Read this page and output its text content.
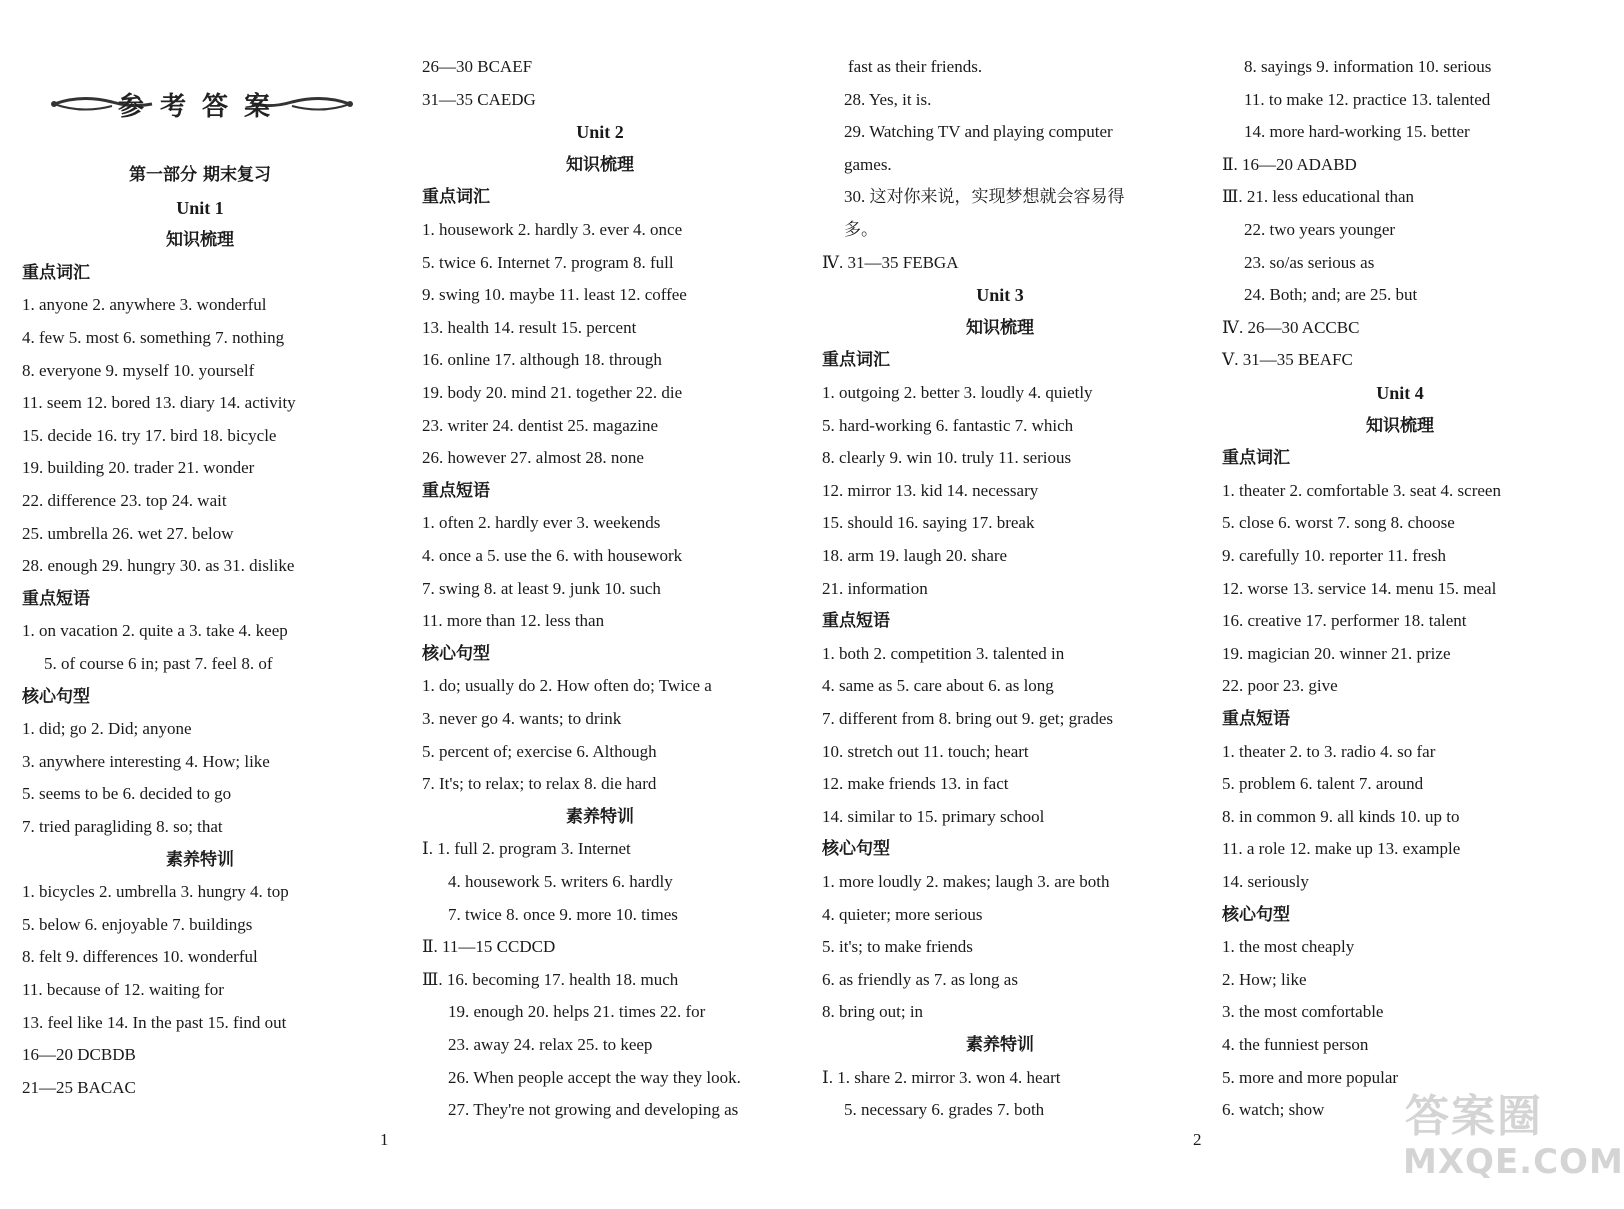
参考答案
第一部分 期末复习
Unit 1
知识梳理
重点词汇
1. anyone 2. anywhere 3. wonderful
4. few 5. most 6. something 7. nothing
8. everyone 9. myself 10. yourself
11. seem 12. bored 13. diary 14. activity
15. decide 16. try 17. bird 18. bicycle
19. building 20. trader 21. wonder
22. difference 23. top 24. wait
25. umbrella 26. wet 27. below
28. enough 29. hungry 30. as 31. dislike
重点短语
1. on vacation 2. quite a 3. take 4. keep
5. of course 6 in; past 7. feel 8. of
核心句型
1. did; go 2. Did; anyone
3. anywhere interesting 4. How; like
5. seems to be 6. decided to go
7. tried paragliding 8. so; that
素养特训
1. bicycles 2. umbrella 3. hungry 4. top
5. below 6. enjoyable 7. buildings
8. felt 9. differences 10. wonderful
11. because of 12. waiting for
13. feel like 14. In the past 15. find out
16—20 DCBDB
21—25 BACAC
26—30 BCAEF
31—35 CAEDG
Unit 2
知识梳理
重点词汇
1. housework 2. hardly 3. ever 4. once
5. twice 6. Internet 7. program 8. full
9. swing 10. maybe 11. least 12. coffee
13. health 14. result 15. percent
16. online 17. although 18. through
19. body 20. mind 21. together 22. die
23. writer 24. dentist 25. magazine
26. however 27. almost 28. none
重点短语
1. often 2. hardly ever 3. weekends
4. once a 5. use the 6. with housework
7. swing 8. at least 9. junk 10. such
11. more than 12. less than
核心句型
1. do; usually do 2. How often do; Twice a
3. never go 4. wants; to drink
5. percent of; exercise 6. Although
7. It's; to relax; to relax 8. die hard
素养特训
Ⅰ. 1. full 2. program 3. Internet
4. housework 5. writers 6. hardly
7. twice 8. once 9. more 10. times
Ⅱ. 11—15 CCDCD
Ⅲ. 16. becoming 17. health 18. much
19. enough 20. helps 21. times 22. for
23. away 24. relax 25. to keep
26. When people accept the way they look.
27. They're not growing and developing as
fast as their friends.
28. Yes, it is.
29. Watching TV and playing computer
games.
30. 这对你来说，实现梦想就会容易得
多。
Ⅳ. 31—35 FEBGA
Unit 3
知识梳理
重点词汇
1. outgoing 2. better 3. loudly 4. quietly
5. hard-working 6. fantastic 7. which
8. clearly 9. win 10. truly 11. serious
12. mirror 13. kid 14. necessary
15. should 16. saying 17. break
18. arm 19. laugh 20. share
21. information
重点短语
1. both 2. competition 3. talented in
4. same as 5. care about 6. as long
7. different from 8. bring out 9. get; grades
10. stretch out 11. touch; heart
12. make friends 13. in fact
14. similar to 15. primary school
核心句型
1. more loudly 2. makes; laugh 3. are both
4. quieter; more serious
5. it's; to make friends
6. as friendly as 7. as long as
8. bring out; in
素养特训
Ⅰ. 1. share 2. mirror 3. won 4. heart
5. necessary 6. grades 7. both
8. sayings 9. information 10. serious
11. to make 12. practice 13. talented
14. more hard-working 15. better
Ⅱ. 16—20 ADABD
Ⅲ. 21. less educational than
22. two years younger
23. so/as serious as
24. Both; and; are 25. but
Ⅳ. 26—30 ACCBC
Ⅴ. 31—35 BEAFC
Unit 4
知识梳理
重点词汇
1. theater 2. comfortable 3. seat 4. screen
5. close 6. worst 7. song 8. choose
9. carefully 10. reporter 11. fresh
12. worse 13. service 14. menu 15. meal
16. creative 17. performer 18. talent
19. magician 20. winner 21. prize
22. poor 23. give
重点短语
1. theater 2. to 3. radio 4. so far
5. problem 6. talent 7. around
8. in common 9. all kinds 10. up to
11. a role 12. make up 13. example
14. seriously
核心句型
1. the most cheaply
2. How; like
3. the most comfortable
4. the funniest person
5. more and more popular
6. watch; show
1	2	答案圈
MXQE.COM
